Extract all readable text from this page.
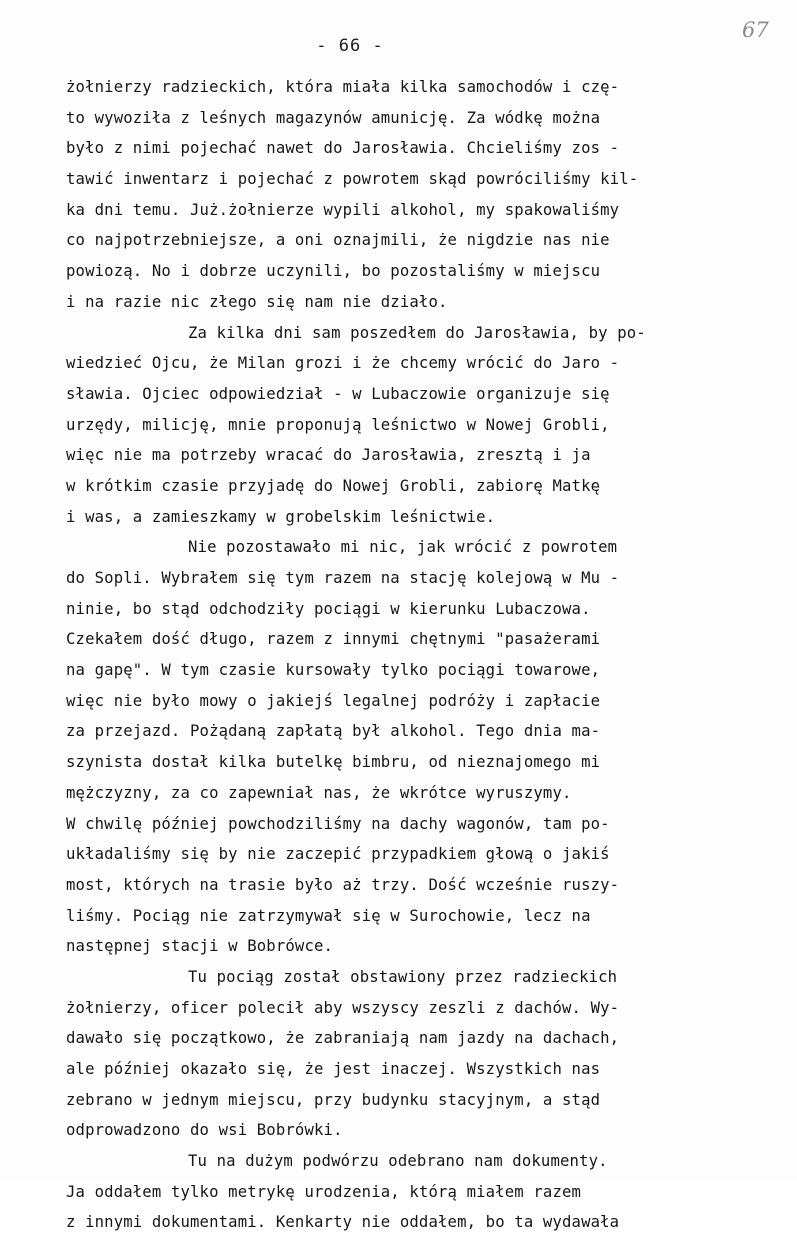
- 66 -
67
żołnierzy radzieckich, która miała kilka samochodów i czę-
to wywoziła z leśnych magazynów amunicję. Za wódkę można
było z nimi pojechać nawet do Jarosławia. Chcieliśmy zos -
tawić inwentarz i pojechać z powrotem skąd powróciliśmy kil-
ka dni temu. Już.żołnierze wypili alkohol, my spakowaliśmy
co najpotrzebniejsze, a oni oznajmili, że nigdzie nas nie
powiozą. No i dobrze uczynili, bo pozostaliśmy w miejscu
i na razie nic złego się nam nie działo.
Za kilka dni sam poszedłem do Jarosławia, by po-
wiedzieć Ojcu, że Milan grozi i że chcemy wrócić do Jaro -
sławia. Ojciec odpowiedział - w Lubaczowie organizuje się
urzędy, milicję, mnie proponują leśnictwo w Nowej Grobli,
więc nie ma potrzeby wracać do Jarosławia, zresztą i ja
w krótkim czasie przyjadę do Nowej Grobli, zabiorę Matkę
i was, a zamieszkamy w grobelskim leśnictwie.
Nie pozostawało mi nic, jak wrócić z powrotem
do Sopli. Wybrałem się tym razem na stację kolejową w Mu -
ninie, bo stąd odchodziły pociągi w kierunku Lubaczowa.
Czekałem dość długo, razem z innymi chętnymi "pasażerami
na gapę". W tym czasie kursowały tylko pociągi towarowe,
więc nie było mowy o jakiejś legalnej podróży i zapłacie
za przejazd. Pożądaną zapłatą był alkohol. Tego dnia ma-
szynista dostał kilka butelkę bimbru, od nieznajomego mi
mężczyzny, za co zapewniał nas, że wkrótce wyruszymy.
W chwilę później powchodziliśmy na dachy wagonów, tam po-
układaliśmy się by nie zaczepić przypadkiem głową o jakiś
most, których na trasie było aż trzy. Dość wcześnie ruszy-
liśmy. Pociąg nie zatrzymywał się w Surochowie, lecz na
następnej stacji w Bobrówce.
Tu pociąg został obstawiony przez radzieckich
żołnierzy, oficer polecił aby wszyscy zeszli z dachów. Wy-
dawało się początkowo, że zabraniają nam jazdy na dachach,
ale później okazało się, że jest inaczej. Wszystkich nas
zebrano w jednym miejscu, przy budynku stacyjnym, a stąd
odprowadzono do wsi Bobrówki.
Tu na dużym podwórzu odebrano nam dokumenty.
Ja oddałem tylko metrykę urodzenia, którą miałem razem
z innymi dokumentami. Kenkarty nie oddałem, bo ta wydawała
